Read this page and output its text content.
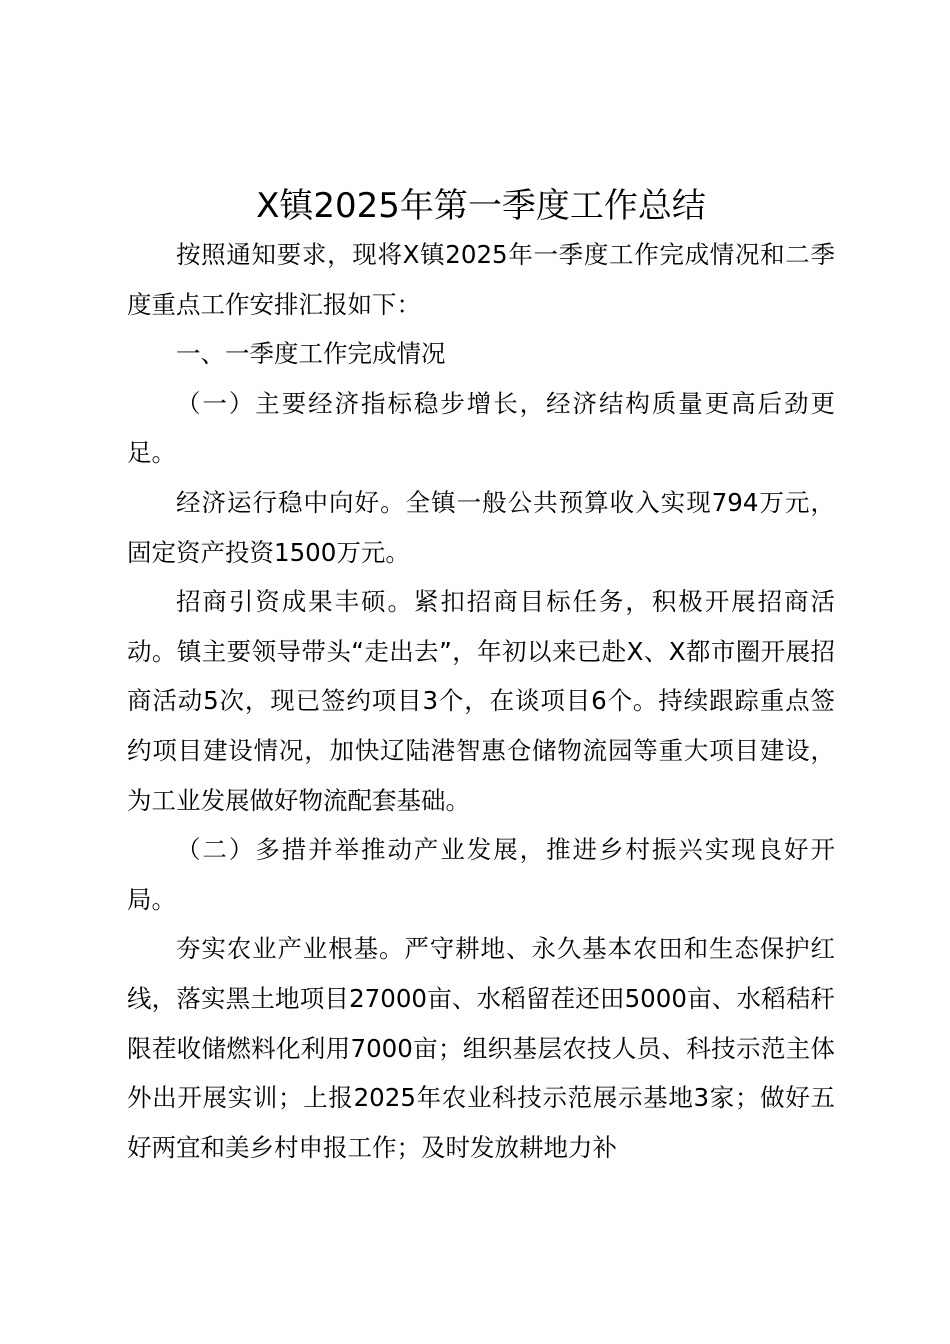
X镇2025年第一季度工作总结

按照通知要求，现将X镇2025年一季度工作完成情况和二季度重点工作安排汇报如下：

一、一季度工作完成情况

（一）主要经济指标稳步增长，经济结构质量更高后劲更足。

经济运行稳中向好。全镇一般公共预算收入实现794万元，固定资产投资1500万元。

招商引资成果丰硕。紧扣招商目标任务，积极开展招商活动。镇主要领导带头“走出去”，年初以来已赴X、X都市圈开展招商活动5次，现已签约项目3个，在谈项目6个。持续跟踪重点签约项目建设情况，加快辽陆港智惠仓储物流园等重大项目建设，为工业发展做好物流配套基础。

（二）多措并举推动产业发展，推进乡村振兴实现良好开局。

夯实农业产业根基。严守耕地、永久基本农田和生态保护红线，落实黑土地项目27000亩、水稻留茬还田5000亩、水稻秸秆限茬收储燃料化利用7000亩；组织基层农技人员、科技示范主体外出开展实训；上报2025年农业科技示范展示基地3家；做好五好两宜和美乡村申报工作；及时发放耕地力补
